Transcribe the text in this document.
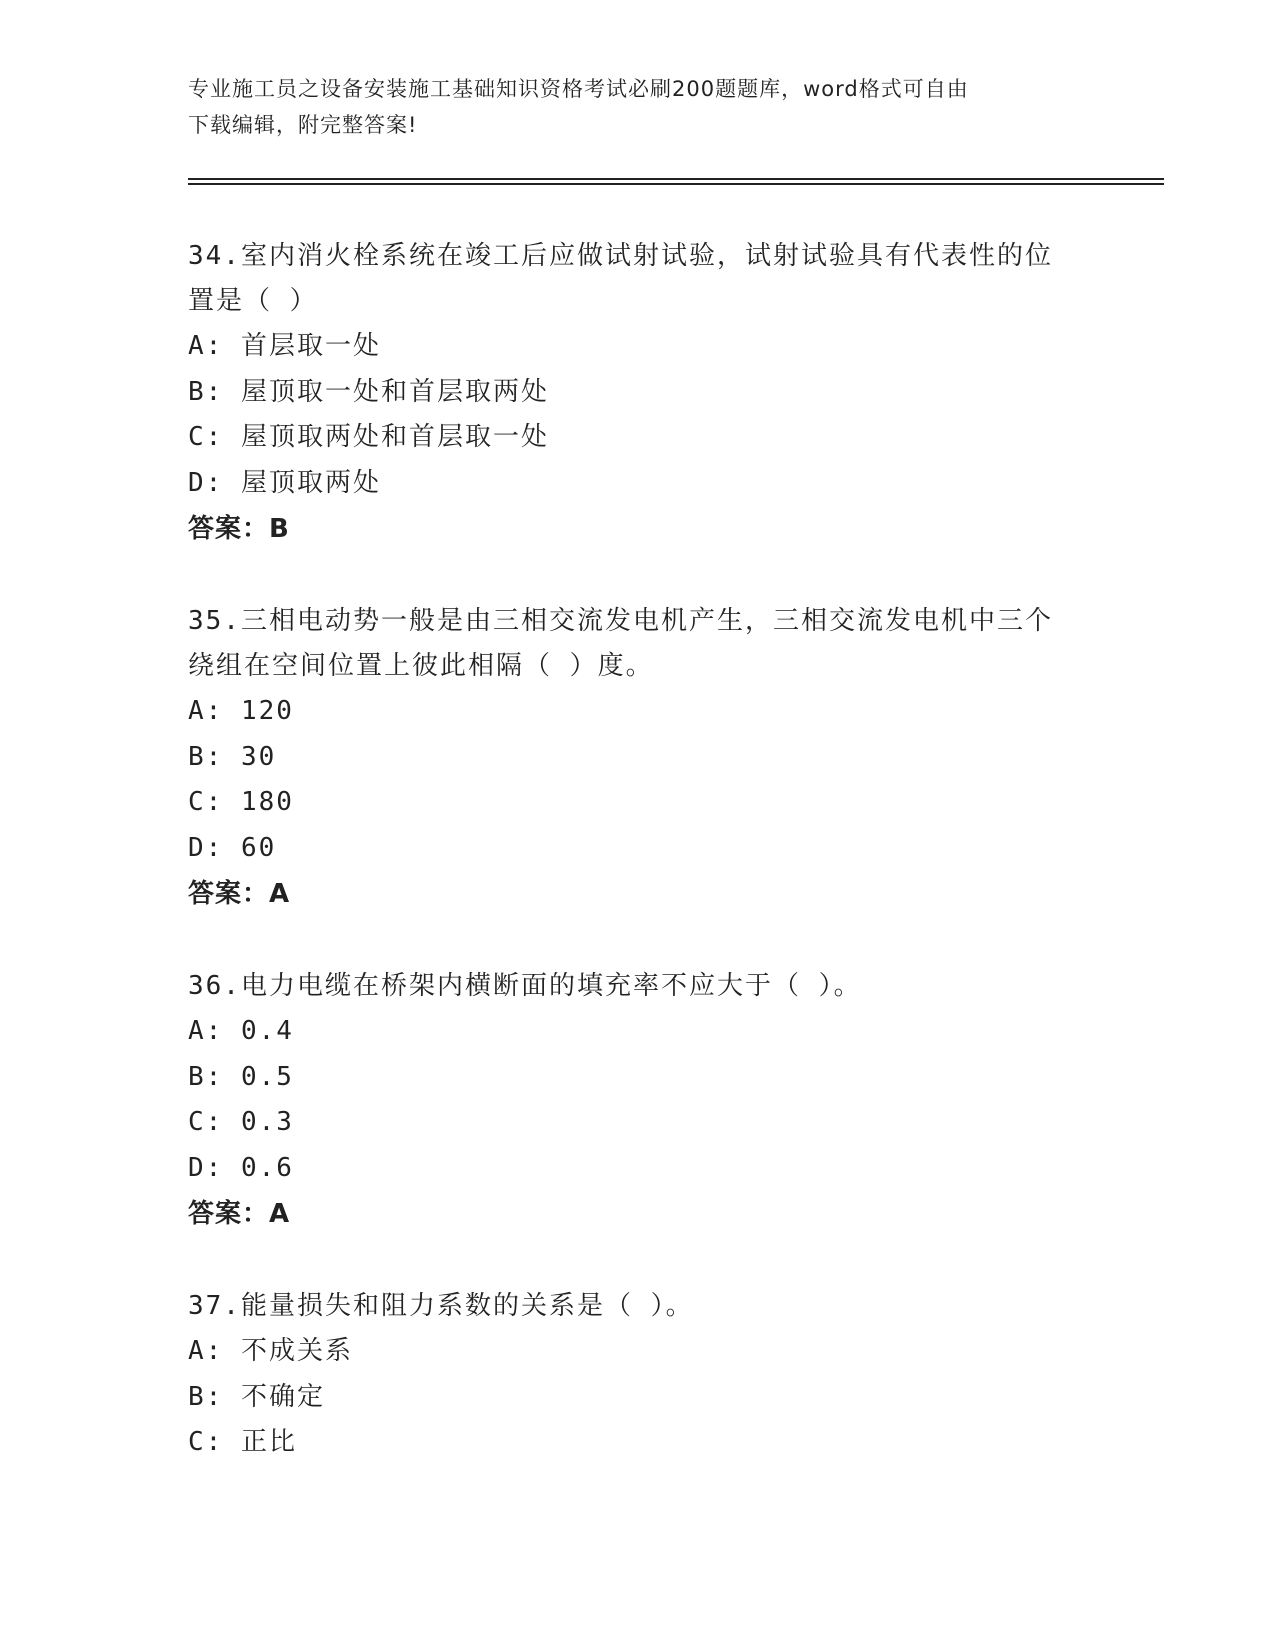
专业施工员之设备安装施工基础知识资格考试必刷200题题库，word格式可自由
下载编辑，附完整答案!
34.室内消火栓系统在竣工后应做试射试验，试射试验具有代表性的位
置是（ ）
A: 首层取一处
B: 屋顶取一处和首层取两处
C: 屋顶取两处和首层取一处
D: 屋顶取两处
答案：B
35.三相电动势一般是由三相交流发电机产生，三相交流发电机中三个
绕组在空间位置上彼此相隔（ ）度。
A: 120
B: 30
C: 180
D: 60
答案：A
36.电力电缆在桥架内横断面的填充率不应大于（ ）。
A: 0.4
B: 0.5
C: 0.3
D: 0.6
答案：A
37.能量损失和阻力系数的关系是（ ）。
A: 不成关系
B: 不确定
C: 正比
